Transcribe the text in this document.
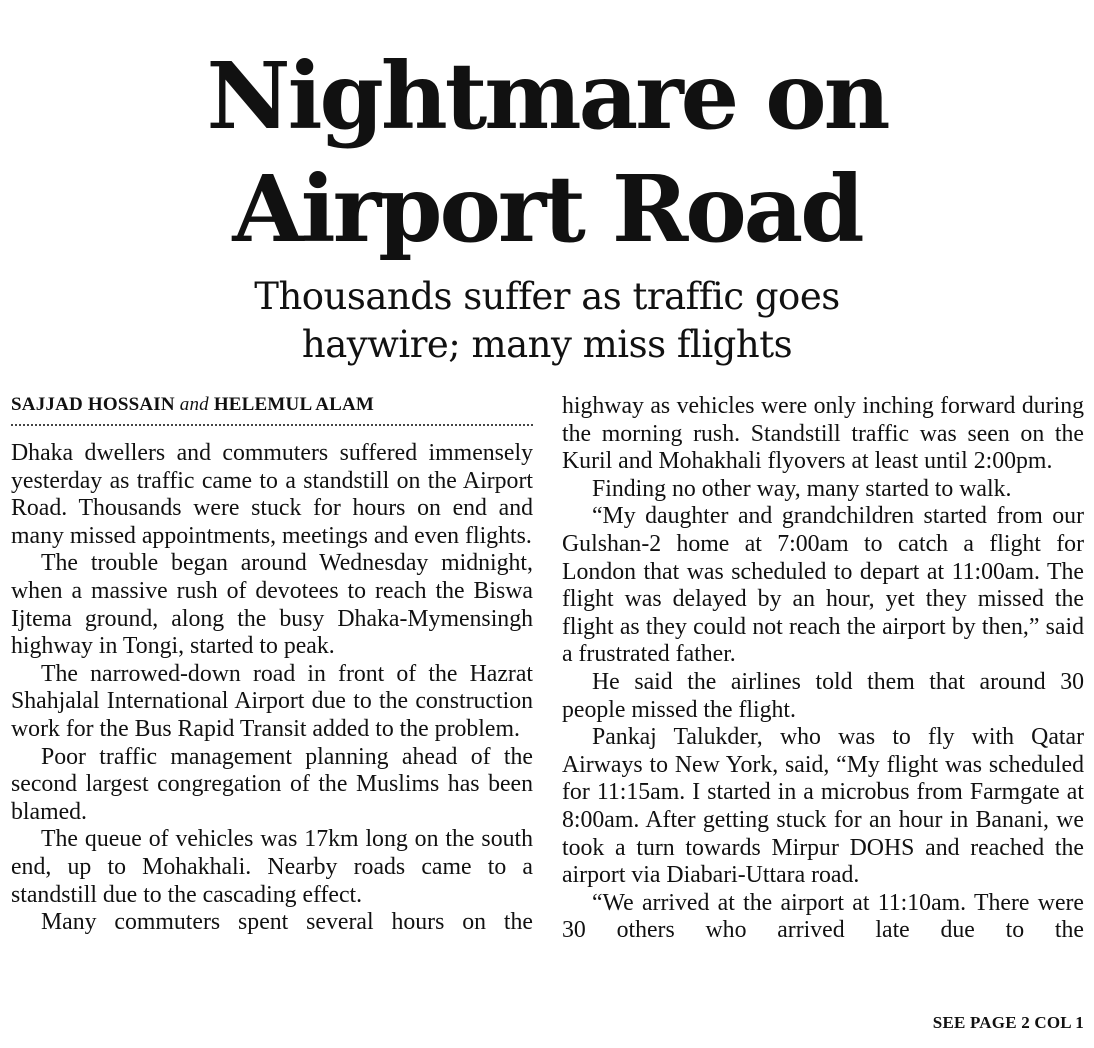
Nightmare on
Airport Road
Thousands suffer as traffic goes
haywire; many miss flights
SAJJAD HOSSAIN and HELEMUL ALAM

Dhaka dwellers and commuters suffered immensely yesterday as traffic came to a standstill on the Airport Road. Thousands were stuck for hours on end and many missed appointments, meetings and even flights.

The trouble began around Wednesday midnight, when a massive rush of devotees to reach the Biswa Ijtema ground, along the busy Dhaka-Mymensingh highway in Tongi, started to peak.

The narrowed-down road in front of the Hazrat Shahjalal International Airport due to the construction work for the Bus Rapid Transit added to the problem.

Poor traffic management planning ahead of the second largest congregation of the Muslims has been blamed.

The queue of vehicles was 17km long on the south end, up to Mohakhali. Nearby roads came to a standstill due to the cascading effect.

Many commuters spent several hours on the

highway as vehicles were only inching forward during the morning rush. Standstill traffic was seen on the Kuril and Mohakhali flyovers at least until 2:00pm.

Finding no other way, many started to walk.

“My daughter and grandchildren started from our Gulshan-2 home at 7:00am to catch a flight for London that was scheduled to depart at 11:00am. The flight was delayed by an hour, yet they missed the flight as they could not reach the airport by then,” said a frustrated father.

He said the airlines told them that around 30 people missed the flight.

Pankaj Talukder, who was to fly with Qatar Airways to New York, said, “My flight was scheduled for 11:15am. I started in a microbus from Farmgate at 8:00am. After getting stuck for an hour in Banani, we took a turn towards Mirpur DOHS and reached the airport via Diabari-Uttara road.

“We arrived at the airport at 11:10am. There were 30 others who arrived late due to the

SEE PAGE 2 COL 1
